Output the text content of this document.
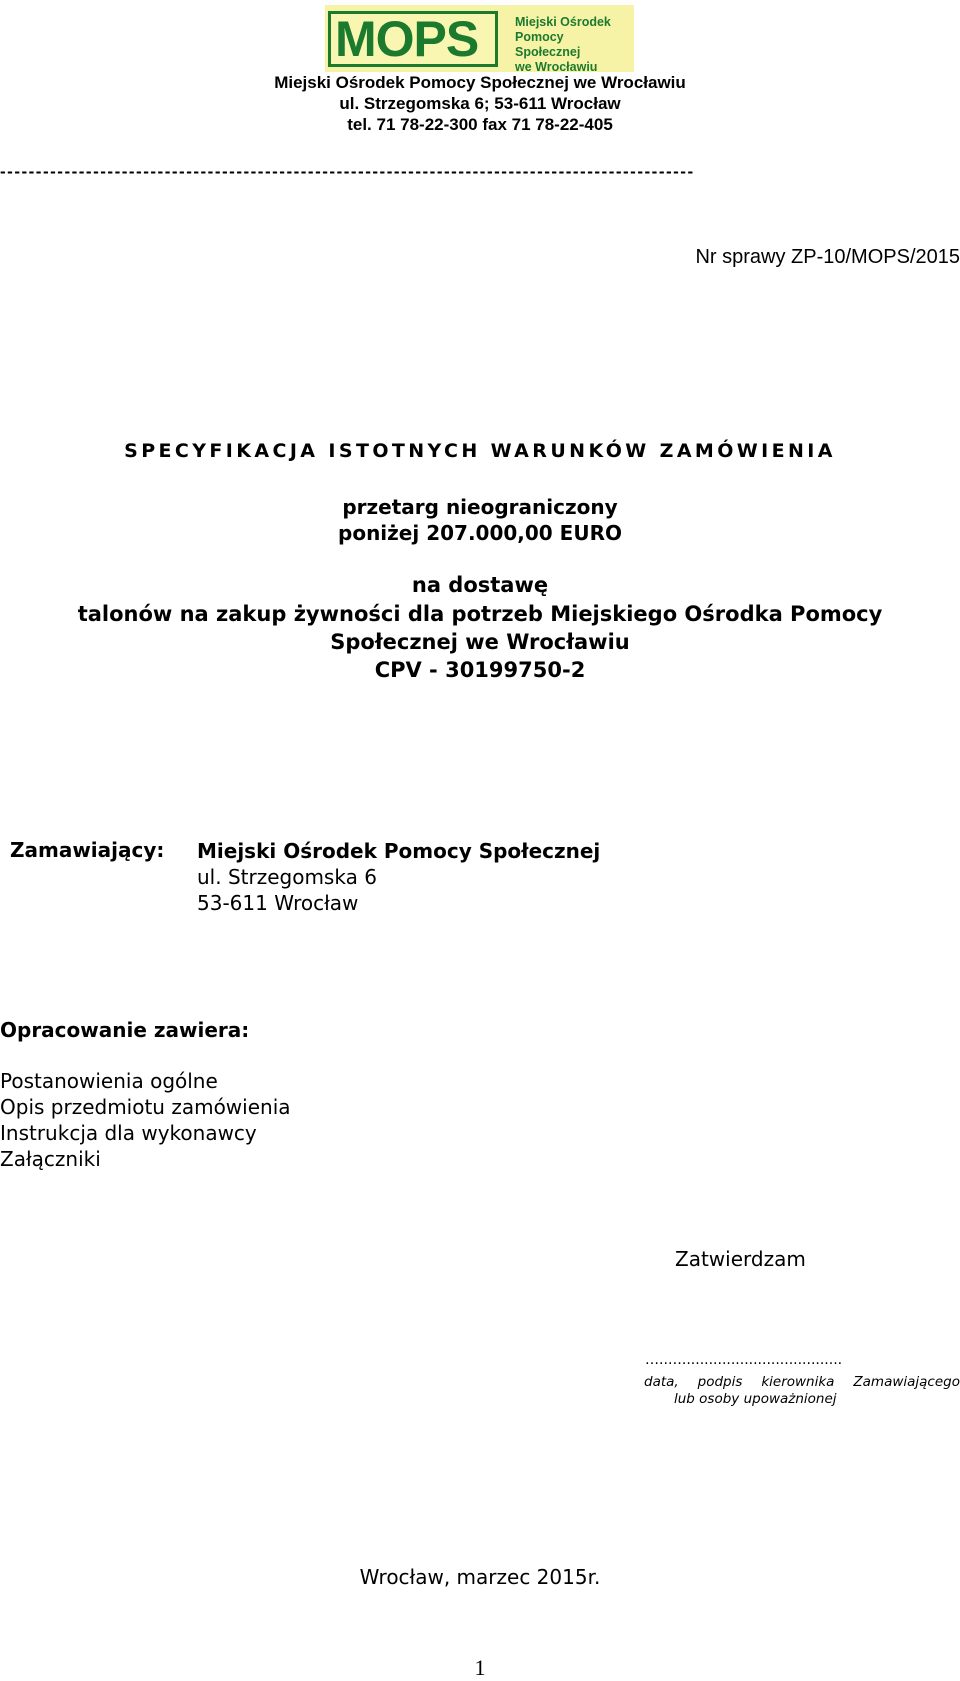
MOPS	Miejski Ośrodek
Pomocy Społecznej
we Wrocławiu
Miejski Ośrodek Pomocy Społecznej we Wrocławiu
ul. Strzegomska 6; 53-611 Wrocław
tel. 71 78-22-300 fax 71 78-22-405
-------------------------------------------------------------------------------------------------
Nr sprawy ZP-10/MOPS/2015
SPECYFIKACJA ISTOTNYCH WARUNKÓW ZAMÓWIENIA
przetarg nieograniczony
poniżej 207.000,00 EURO
na dostawę
talonów na zakup żywności dla potrzeb Miejskiego Ośrodka Pomocy
Społecznej we Wrocławiu
CPV - 30199750-2
Zamawiający: Miejski Ośrodek Pomocy Społecznej
ul. Strzegomska 6
53-611 Wrocław
Opracowanie zawiera:
Postanowienia ogólne
Opis przedmiotu zamówienia
Instrukcja dla wykonawcy
Załączniki
Zatwierdzam
…..…....................................
data, podpis kierownika Zamawiającego
lub osoby upoważnionej
Wrocław, marzec 2015r.
1
